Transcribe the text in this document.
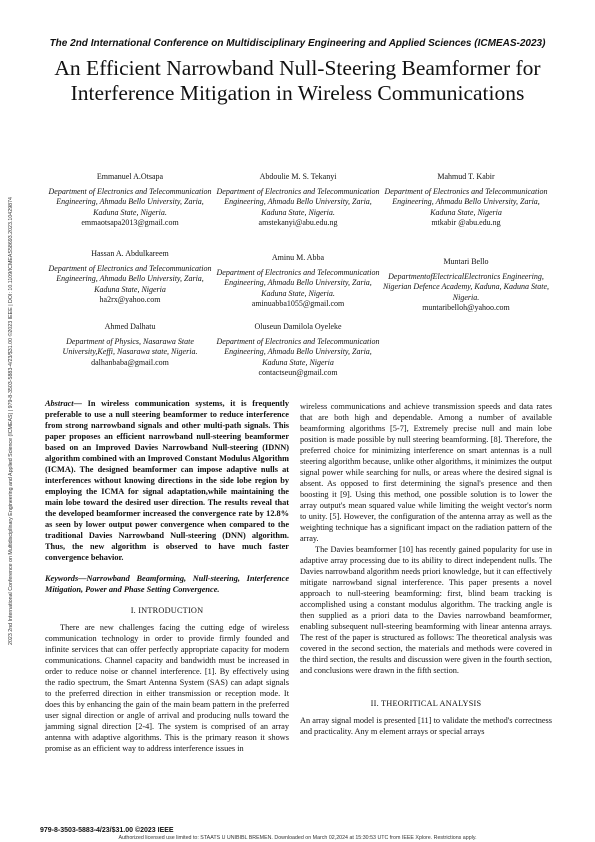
2023 2nd International Conference on Multidisciplinary Engineering and Applied Science (ICMEAS) | 979-8-3503-5883-4/23/$31.00 ©2023 IEEE | DOI: 10.1109/ICMEAS58693.2023.10429874
The 2nd International Conference on Multidisciplinary Engineering and Applied Sciences (ICMEAS-2023)
An Efficient Narrowband Null-Steering Beamformer for Interference Mitigation in Wireless Communications
Emmanuel A.Otsapa
Department of Electronics and Telecommunication Engineering, Ahmadu Bello University, Zaria, Kaduna State, Nigeria.
emmaotsapa2013@gmail.com
Abdoulie M. S. Tekanyi
Department of Electronics and Telecommunication Engineering, Ahmadu Bello University, Zaria, Kaduna State, Nigeria.
amstekanyi@abu.edu.ng
Mahmud T. Kabir
Department of Electronics and Telecommunication Engineering, Ahmadu Bello University, Zaria, Kaduna State, Nigeria
mtkabir @abu.edu.ng
Hassan A. Abdulkareem
Department of Electronics and Telecommunication Engineering, Ahmadu Bello University, Zaria, Kaduna State, Nigeria
ha2rx@yahoo.com
Aminu M. Abba
Department of Electronics and Telecommunication Engineering, Ahmadu Bello University, Zaria, Kaduna State, Nigeria.
aminuabba1055@gmail.com
Muntari Bello
DepartmentofElectricalElectronics Engineering, Nigerian Defence Academy, Kaduna, Kaduna State, Nigeria.
muntaribelloh@yahoo.com
Ahmed Dalhatu
Department of Physics, Nasarawa State University,Keffi, Nasarawa state, Nigeria.
dalhanbaba@gmail.com
Oluseun Damilola Oyeleke
Department of Electronics and Telecommunication Engineering, Ahmadu Bello University, Zaria, Kaduna State, Nigeria
contactseun@gmail.com

Abstract— In wireless communication systems, it is frequently preferable to use a null steering beamformer to reduce interference from strong narrowband signals and other multi-path signals. This paper proposes an efficient narrowband null-steering beamformer based on an Improved Davies Narrowband Null-steering (IDNN) algorithm combined with an Improved Constant Modulus Algorithm (ICMA). The designed beamformer can impose adaptive nulls at interferences without knowing directions in the side lobe region by employing the ICMA for signal adaptation,while maintaining the main lobe toward the desired user direction. The results reveal that the developed beamformer increased the convergence rate by 12.8% as seen by lower output power convergence when compared to the traditional Davies Narrowband Null-steering (DNN) algorithm. Thus, the new algorithm is observed to have much faster convergence behavior.

Keywords—Narrowband Beamforming, Null-steering, Interference Mitigation, Power and Phase Setting Convergence.

I. INTRODUCTION

There are new challenges facing the cutting edge of wireless communication technology in order to provide firmly founded and infinite services that can offer perfectly appropriate capacity for modern communications. Channel capacity and bandwidth must be increased in order to reduce noise or channel interference. [1]. By effectively using the radio spectrum, the Smart Antenna System (SAS) can adapt signals to the preferred direction in either transmission or reception mode. It does this by enhancing the gain of the main beam pattern in the preferred user signal direction or angle of arrival and producing nulls toward the jamming signal direction [2-4]. The system is comprised of an array antenna with adaptive algorithms. This is the primary reason it shows promise as an efficient way to address interference issues in

wireless communications and achieve transmission speeds and data rates that are both high and dependable. Among a number of available beamforming algorithms [5-7], Extremely precise null and main lobe position is made possible by null steering beamforming. [8]. Therefore, the preferred choice for minimizing interference on smart antennas is a null steering algorithm because, unlike other algorithms, it minimizes the output signal power while searching for nulls, or areas where the desired signal is absent. As opposed to first determining the signal's presence and then boosting it [9]. Using this method, one possible solution is to lower the array output's mean squared value while limiting the weight vector's norm to unity. [5]. However, the configuration of the antenna array as well as the weighting technique has a significant impact on the radiation pattern of the array.

The Davies beamformer [10] has recently gained popularity for use in adaptive array processing due to its ability to direct independent nulls. The Davies narrowband algorithm needs priori knowledge, but it can effectively mitigate narrowband signal interference. This paper presents a novel approach to null-steering beamforming: first, blind beam tracking is accomplished using a constant modulus algorithm. The tracking angle is then supplied as a priori data to the Davies narrowband beamformer, enabling subsequent null-steering beamforming with linear antenna arrays. The rest of the paper is structured as follows: The theoretical analysis was covered in the second section, the materials and methods were covered in the third section, the results and discussion were given in the fourth section, and conclusions were drawn in the fifth section.

II. THEORITICAL ANALYSIS

An array signal model is presented [11] to validate the method's correctness and practicality. Any m element arrays or special arrays

979-8-3503-5883-4/23/$31.00 ©2023 IEEE
Authorized licensed use limited to: STAATS U UNIBIBL BREMEN. Downloaded on March 02,2024 at 15:30:53 UTC from IEEE Xplore. Restrictions apply.
